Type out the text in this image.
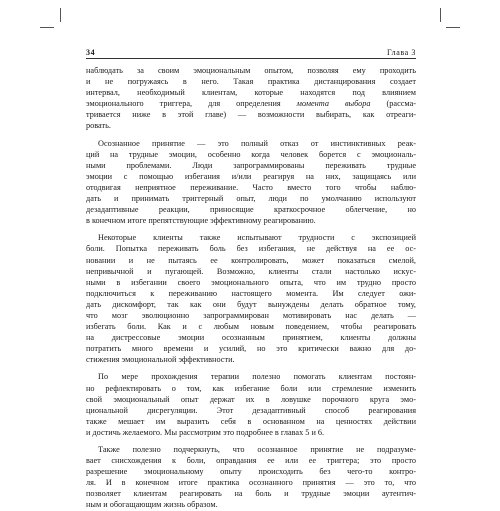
34	Глава 3

наблюдать за своим эмоциональным опытом, позволяя ему проходить
и не погружаясь в него. Такая практика дистанцирования создает
интервал, необходимый клиентам, которые находятся под влиянием
эмоционального триггера, для определения момента выбора (расcма-
тривается ниже в этой главе) — возможности выбирать, как отреаги-
ровать.

Осознанное принятие — это полный отказ от инстинктивных реак-
ций на трудные эмоции, особенно когда человек борется с эмоциональ-
ными проблемами. Люди запрограммированы переживать трудные
эмоции с помощью избегания и/или реагируя на них, защищаясь или
отодвигая неприятное переживание. Часто вместо того чтобы наблю-
дать и принимать триггерный опыт, люди по умолчанию используют
дезадаптивные реакции, приносящие краткосрочное облегчение, но
в конечном итоге препятствующие эффективному реагированию.

Некоторые клиенты также испытывают трудности с экспозицией
боли. Попытка переживать боль без избегания, не действуя на ее ос-
новании и не пытаясь ее контролировать, может показаться смелой,
непривычной и пугающей. Возможно, клиенты стали настолько искус-
ными в избегании своего эмоционального опыта, что им трудно просто
подключиться к переживанию настоящего момента. Им следует ожи-
дать дискомфорт, так как они будут вынуждены делать обратное тому,
что мозг эволюционно запрограммирован мотивировать нас делать —
избегать боли. Как и с любым новым поведением, чтобы реагировать
на дистрессовые эмоции осознанным принятием, клиенты должны
потратить много времени и усилий, но это критически важно для до-
стижения эмоциональной эффективности.

По мере прохождения терапии полезно помогать клиентам постоян-
но рефлектировать о том, как избегание боли или стремление изменить
свой эмоциональный опыт держат их в ловушке порочного круга эмо-
циональной дисрегуляции. Этот дезадаптивный способ реагирования
также мешает им выразить себя в основанном на ценностях действии
и достичь желаемого. Мы рассмотрим это подробнее в главах 5 и 6.

Также полезно подчеркнуть, что осознанное принятие не подразуме-
вает снисхождения к боли, оправдания ее или ее триггера; это просто
разрешение эмоциональному опыту происходить без чего-то контро-
ля. И в конечном итоге практика осознанного принятия — это то, что
позволяет клиентам реагировать на боль и трудные эмоции аутентич-
ным и обогащающим жизнь образом.
